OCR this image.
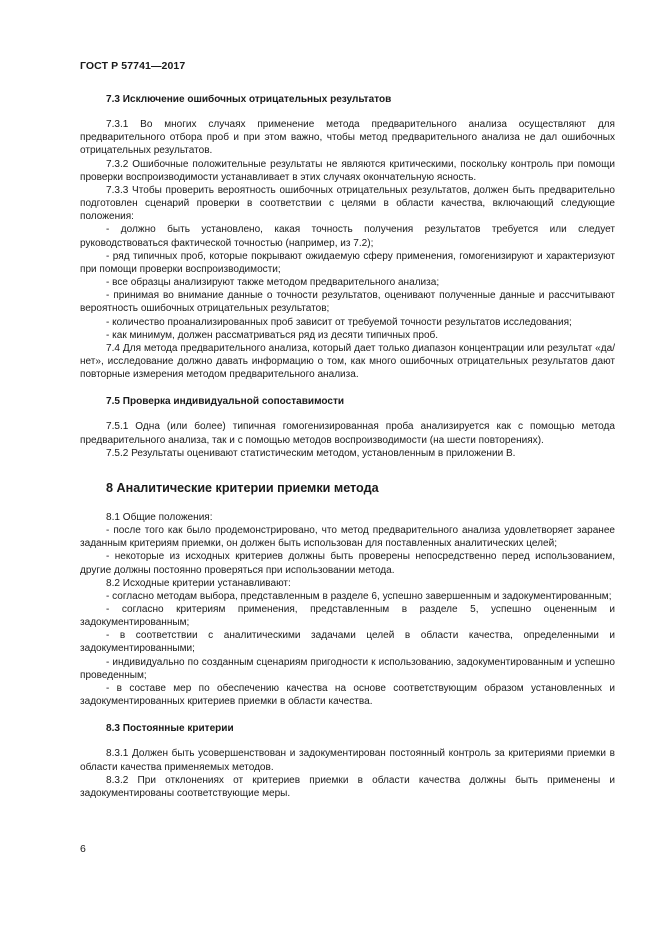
ГОСТ Р 57741—2017
7.3 Исключение ошибочных отрицательных результатов

7.3.1 Во многих случаях применение метода предварительного анализа осуществляют для предварительного отбора проб и при этом важно, чтобы метод предварительного анализа не дал ошибочных отрицательных результатов.

7.3.2 Ошибочные положительные результаты не являются критическими, поскольку контроль при помощи проверки воспроизводимости устанавливает в этих случаях окончательную ясность.

7.3.3 Чтобы проверить вероятность ошибочных отрицательных результатов, должен быть предварительно подготовлен сценарий проверки в соответствии с целями в области качества, включающий следующие положения:

- должно быть установлено, какая точность получения результатов требуется или следует руководствоваться фактической точностью (например, из 7.2);

- ряд типичных проб, которые покрывают ожидаемую сферу применения, гомогенизируют и характеризуют при помощи проверки воспроизводимости;

- все образцы анализируют также методом предварительного анализа;

- принимая во внимание данные о точности результатов, оценивают полученные данные и рассчитывают вероятность ошибочных отрицательных результатов;

- количество проанализированных проб зависит от требуемой точности результатов исследования;

- как минимум, должен рассматриваться ряд из десяти типичных проб.

7.4 Для метода предварительного анализа, который дает только диапазон концентрации или результат «да/нет», исследование должно давать информацию о том, как много ошибочных отрицательных результатов дают повторные измерения методом предварительного анализа.

7.5 Проверка индивидуальной сопоставимости

7.5.1 Одна (или более) типичная гомогенизированная проба анализируется как с помощью метода предварительного анализа, так и с помощью методов воспроизводимости (на шести повторениях).

7.5.2 Результаты оценивают статистическим методом, установленным в приложении В.

8 Аналитические критерии приемки метода

8.1 Общие положения:

- после того как было продемонстрировано, что метод предварительного анализа удовлетворяет заранее заданным критериям приемки, он должен быть использован для поставленных аналитических целей;

- некоторые из исходных критериев должны быть проверены непосредственно перед использованием, другие должны постоянно проверяться при использовании метода.

8.2 Исходные критерии устанавливают:

- согласно методам выбора, представленным в разделе 6, успешно завершенным и задокументированным;

- согласно критериям применения, представленным в разделе 5, успешно оцененным и задокументированным;

- в соответствии с аналитическими задачами целей в области качества, определенными и задокументированными;

- индивидуально по созданным сценариям пригодности к использованию, задокументированным и успешно проведенным;

- в составе мер по обеспечению качества на основе соответствующим образом установленных и задокументированных критериев приемки в области качества.

8.3 Постоянные критерии

8.3.1 Должен быть усовершенствован и задокументирован постоянный контроль за критериями приемки в области качества применяемых методов.

8.3.2 При отклонениях от критериев приемки в области качества должны быть применены и задокументированы соответствующие меры.

6
